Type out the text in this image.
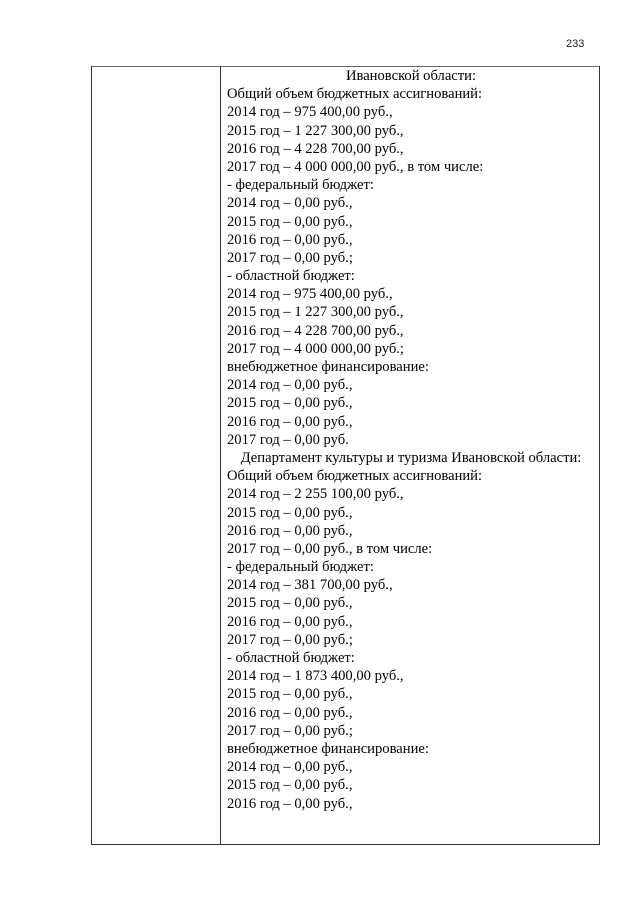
233
Ивановской области:
Общий объем бюджетных ассигнований:
2014 год – 975 400,00 руб.,
2015 год – 1 227 300,00 руб.,
2016 год – 4 228 700,00 руб.,
2017 год – 4 000 000,00 руб., в том числе:
- федеральный бюджет:
2014 год – 0,00 руб.,
2015 год – 0,00 руб.,
2016 год – 0,00 руб.,
2017 год – 0,00 руб.;
- областной бюджет:
2014 год – 975 400,00 руб.,
2015 год – 1 227 300,00 руб.,
2016 год – 4 228 700,00 руб.,
2017 год – 4 000 000,00 руб.;
внебюджетное финансирование:
2014 год – 0,00 руб.,
2015 год – 0,00 руб.,
2016 год – 0,00 руб.,
2017 год – 0,00 руб.
Департамент культуры и туризма Ивановской области:
Общий объем бюджетных ассигнований:
2014 год – 2 255 100,00 руб.,
2015 год – 0,00 руб.,
2016 год – 0,00 руб.,
2017 год – 0,00 руб., в том числе:
- федеральный бюджет:
2014 год – 381 700,00 руб.,
2015 год – 0,00 руб.,
2016 год – 0,00 руб.,
2017 год – 0,00 руб.;
- областной бюджет:
2014 год – 1 873 400,00 руб.,
2015 год – 0,00 руб.,
2016 год – 0,00 руб.,
2017 год – 0,00 руб.;
внебюджетное финансирование:
2014 год – 0,00 руб.,
2015 год – 0,00 руб.,
2016 год – 0,00 руб.,
